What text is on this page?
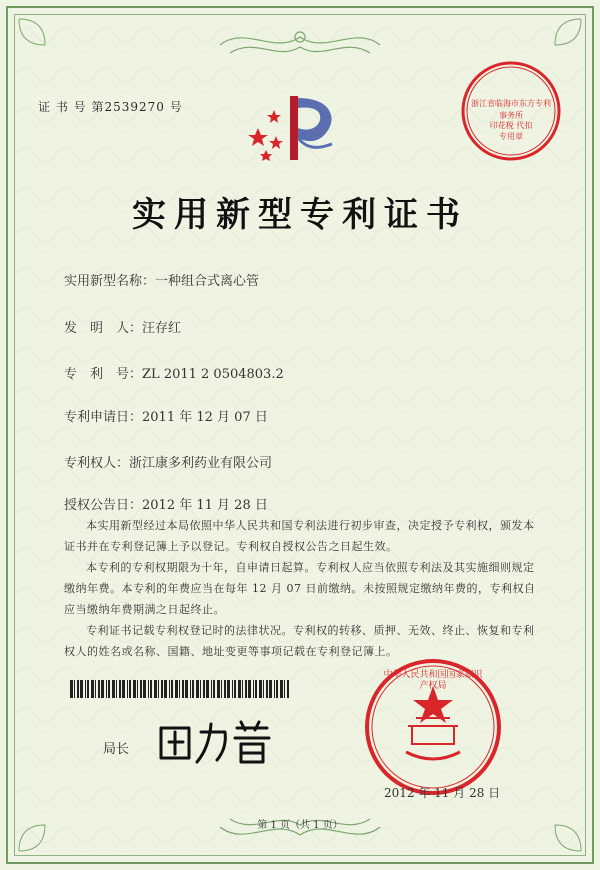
浙江省临海市东方专利事务所
印花税 代扣专用章
证 书 号 第2539270 号
实用新型专利证书
实用新型名称：一种组合式离心管
发　明　人：汪存红
专　利　号：ZL 2011 2 0504803.2
专利申请日：2011 年 12 月 07 日
专利权人：浙江康多利药业有限公司
授权公告日：2012 年 11 月 28 日
本实用新型经过本局依照中华人民共和国专利法进行初步审查，决定授予专利权，颁发本证书并在专利登记簿上予以登记。专利权自授权公告之日起生效。
本专利的专利权期限为十年，自申请日起算。专利权人应当依照专利法及其实施细则规定缴纳年费。本专利的年费应当在每年 12 月 07 日前缴纳。未按照规定缴纳年费的，专利权自应当缴纳年费期满之日起终止。
专利证书记载专利权登记时的法律状况。专利权的转移、质押、无效、终止、恢复和专利权人的姓名或名称、国籍、地址变更等事项记载在专利登记簿上。
局长
中华人民共和国国家知识产权局
2012 年 11 月 28 日
第 1 页（共 1 页）
